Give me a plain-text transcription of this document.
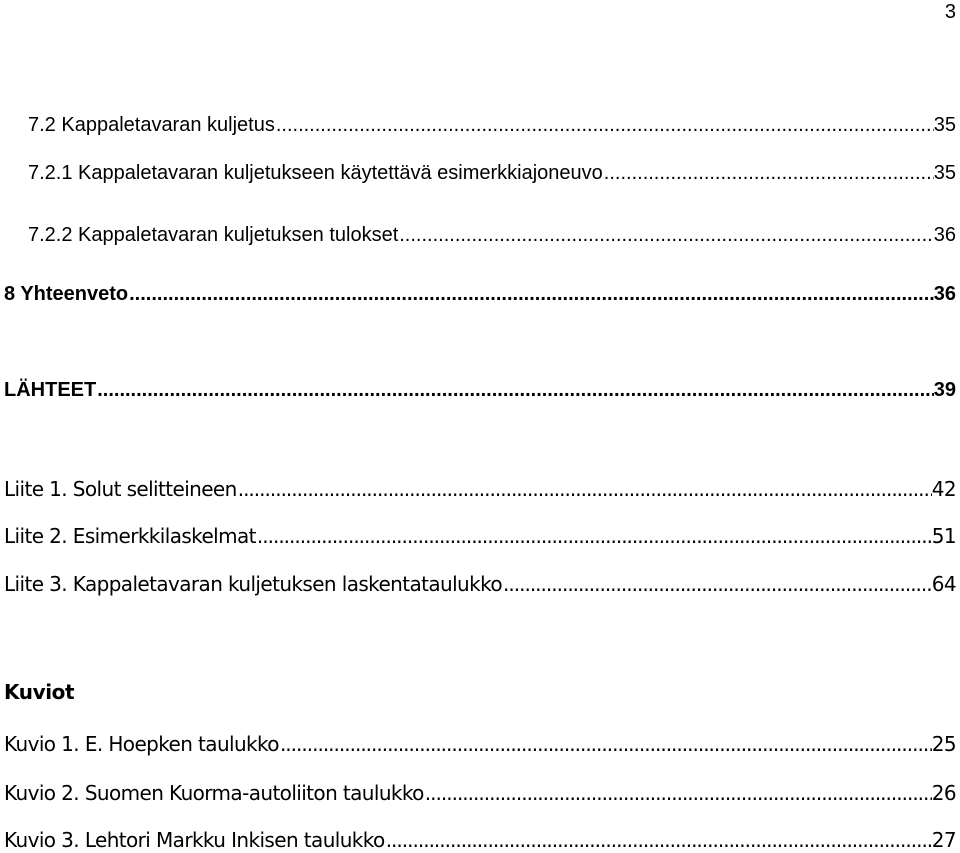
3
7.2 Kappaletavaran kuljetus .....	35
7.2.1 Kappaletavaran kuljetukseen käytettävä esimerkkiajoneuvo .....	35
7.2.2 Kappaletavaran kuljetuksen tulokset .....	36
8 Yhteenveto .....	36
LÄHTEET .....	39
Liite 1. Solut selitteineen .....	42
Liite 2. Esimerkkilaskelmat .....	51
Liite 3. Kappaletavaran kuljetuksen laskentataulukko .....	64
Kuviot
Kuvio 1. E. Hoepken taulukko .....	25
Kuvio 2. Suomen Kuorma-autoliiton taulukko .....	26
Kuvio 3. Lehtori Markku Inkisen taulukko .....	27
